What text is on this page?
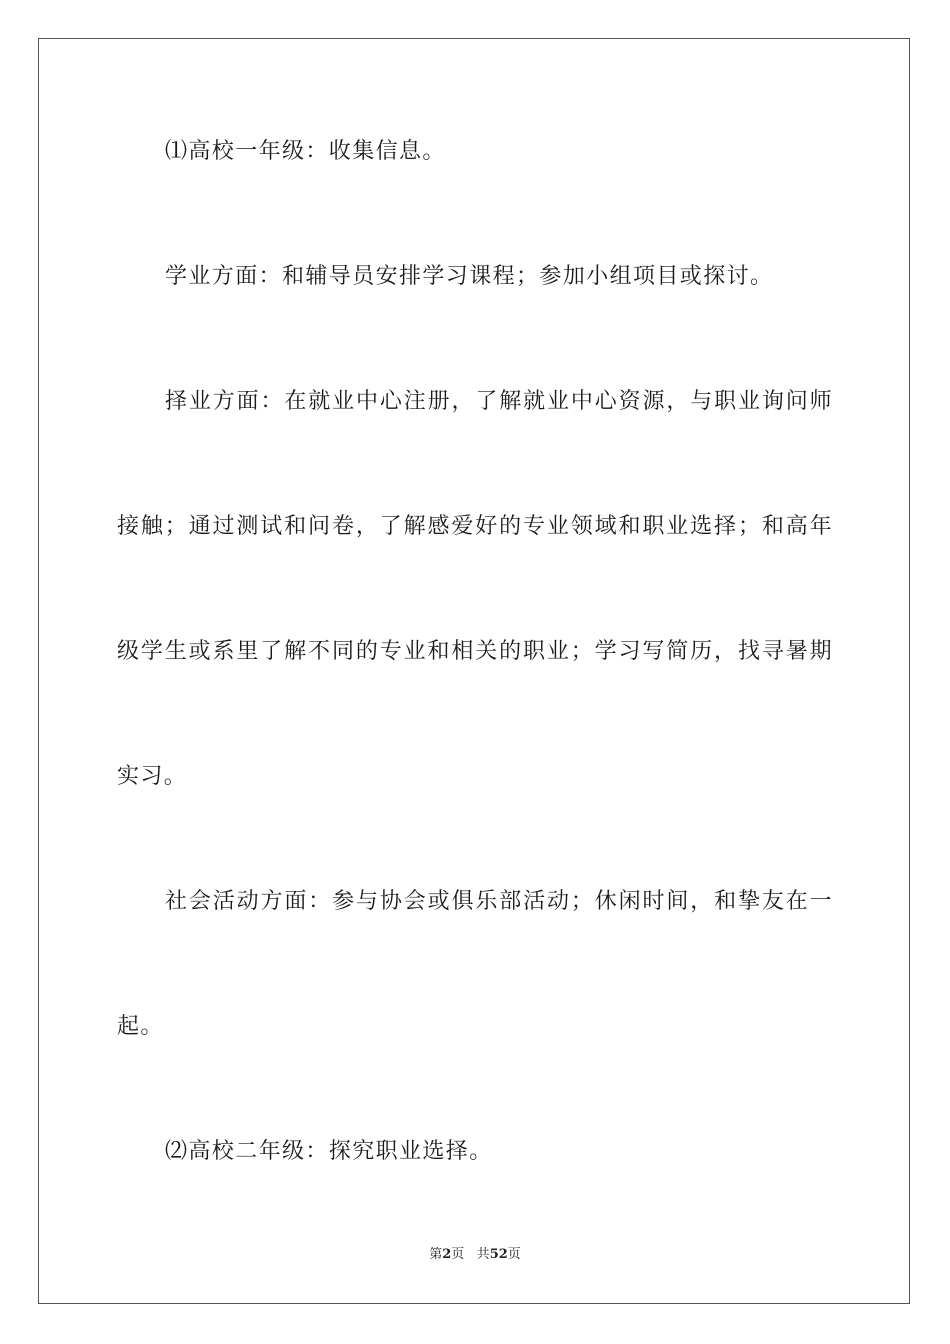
⑴高校一年级：收集信息。
学业方面：和辅导员安排学习课程；参加小组项目或探讨。
择业方面：在就业中心注册，了解就业中心资源，与职业询问师
接触；通过测试和问卷，了解感爱好的专业领域和职业选择；和高年
级学生或系里了解不同的专业和相关的职业；学习写简历，找寻暑期
实习。
社会活动方面：参与协会或俱乐部活动；休闲时间，和挚友在一
起。
⑵高校二年级：探究职业选择。
第2页 共52页
